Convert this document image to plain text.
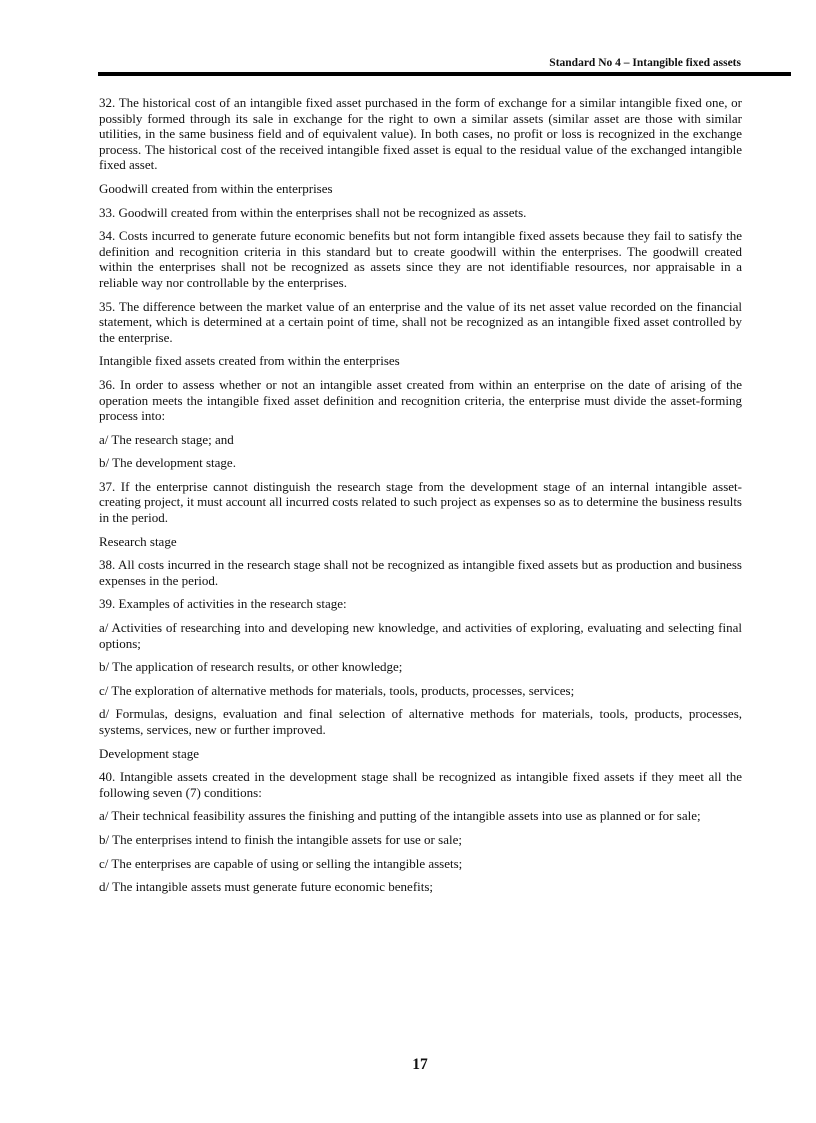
Standard No 4 – Intangible fixed assets

32. The historical cost of an intangible fixed asset purchased in the form of exchange for a similar intangible fixed one, or possibly formed through its sale in exchange for the right to own a similar assets (similar asset are those with similar utilities, in the same business field and of equivalent value). In both cases, no profit or loss is recognized in the exchange process. The historical cost of the received intangible fixed asset is equal to the residual value of the exchanged intangible fixed asset.

Goodwill created from within the enterprises

33. Goodwill created from within the enterprises shall not be recognized as assets.

34. Costs incurred to generate future economic benefits but not form intangible fixed assets because they fail to satisfy the definition and recognition criteria in this standard but to create goodwill within the enterprises. The goodwill created within the enterprises shall not be recognized as assets since they are not identifiable resources, nor appraisable in a reliable way nor controllable by the enterprises.

35. The difference between the market value of an enterprise and the value of its net asset value recorded on the financial statement, which is determined at a certain point of time, shall not be recognized as an intangible fixed asset controlled by the enterprise.

Intangible fixed assets created from within the enterprises

36. In order to assess whether or not an intangible asset created from within an enterprise on the date of arising of the operation meets the intangible fixed asset definition and recognition criteria, the enterprise must divide the asset-forming process into:

a/ The research stage; and

b/ The development stage.

37. If the enterprise cannot distinguish the research stage from the development stage of an internal intangible asset-creating project, it must account all incurred costs related to such project as expenses so as to determine the business results in the period.

Research stage

38. All costs incurred in the research stage shall not be recognized as intangible fixed assets but as production and business expenses in the period.

39. Examples of activities in the research stage:

a/ Activities of researching into and developing new knowledge, and activities of exploring, evaluating and selecting final options;

b/ The application of research results, or other knowledge;

c/ The exploration of alternative methods for materials, tools, products, processes, services;

d/ Formulas, designs, evaluation and final selection of alternative methods for materials, tools, products, processes, systems, services, new or further improved.

Development stage

40. Intangible assets created in the development stage shall be recognized as intangible fixed assets if they meet all the following seven (7) conditions:

a/ Their technical feasibility assures the finishing and putting of the intangible assets into use as planned or for sale;

b/ The enterprises intend to finish the intangible assets for use or sale;

c/ The enterprises are capable of using or selling the intangible assets;

d/ The intangible assets must generate future economic benefits;

17
